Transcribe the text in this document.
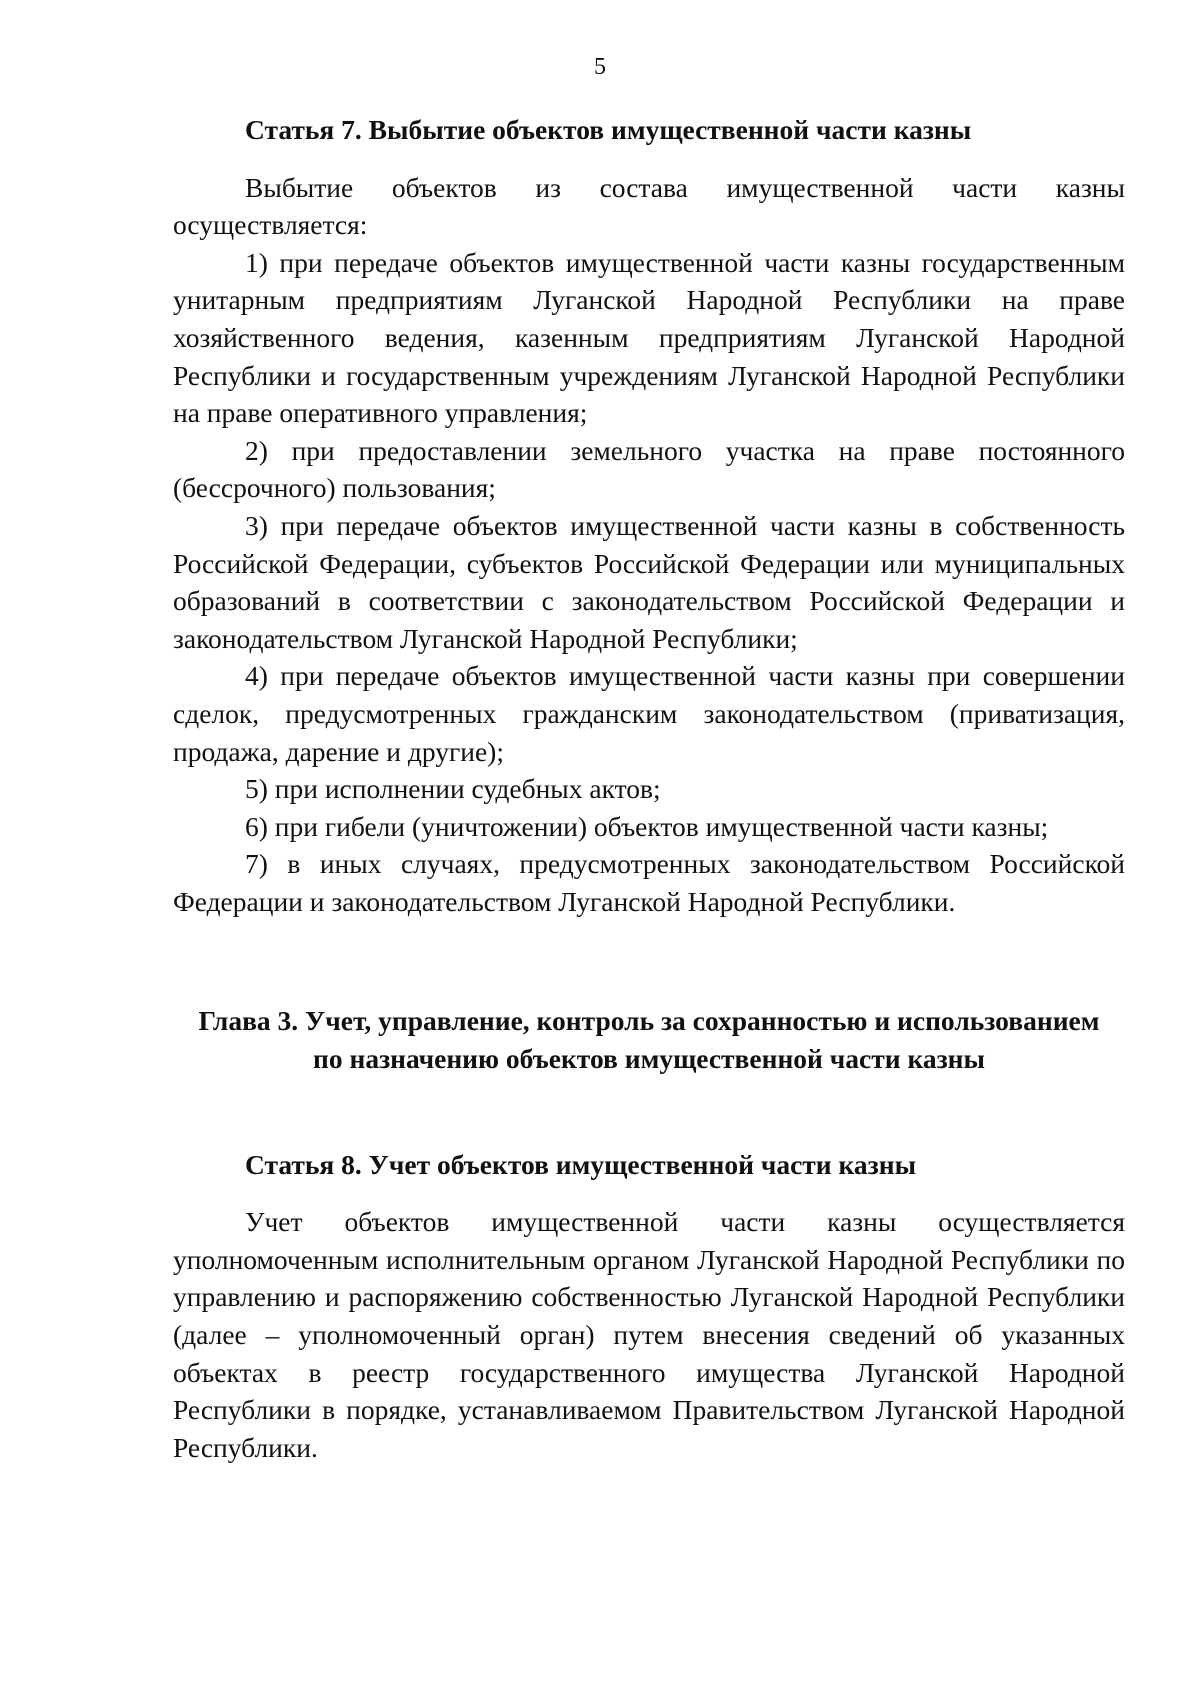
5

Статья 7. Выбытие объектов имущественной части казны

Выбытие объектов из состава имущественной части казны осуществляется:

1) при передаче объектов имущественной части казны государственным унитарным предприятиям Луганской Народной Республики на праве хозяйственного ведения, казенным предприятиям Луганской Народной Республики и государственным учреждениям Луганской Народной Республики на праве оперативного управления;

2) при предоставлении земельного участка на праве постоянного (бессрочного) пользования;

3) при передаче объектов имущественной части казны в собственность Российской Федерации, субъектов Российской Федерации или муниципальных образований в соответствии с законодательством Российской Федерации и законодательством Луганской Народной Республики;

4) при передаче объектов имущественной части казны при совершении сделок, предусмотренных гражданским законодательством (приватизация, продажа, дарение и другие);

5) при исполнении судебных актов;

6) при гибели (уничтожении) объектов имущественной части казны;

7) в иных случаях, предусмотренных законодательством Российской Федерации и законодательством Луганской Народной Республики.

Глава 3. Учет, управление, контроль за сохранностью и использованием

по назначению объектов имущественной части казны

Статья 8. Учет объектов имущественной части казны

Учет объектов имущественной части казны осуществляется уполномоченным исполнительным органом Луганской Народной Республики по управлению и распоряжению собственностью Луганской Народной Республики (далее – уполномоченный орган) путем внесения сведений об указанных объектах в реестр государственного имущества Луганской Народной Республики в порядке, устанавливаемом Правительством Луганской Народной Республики.
